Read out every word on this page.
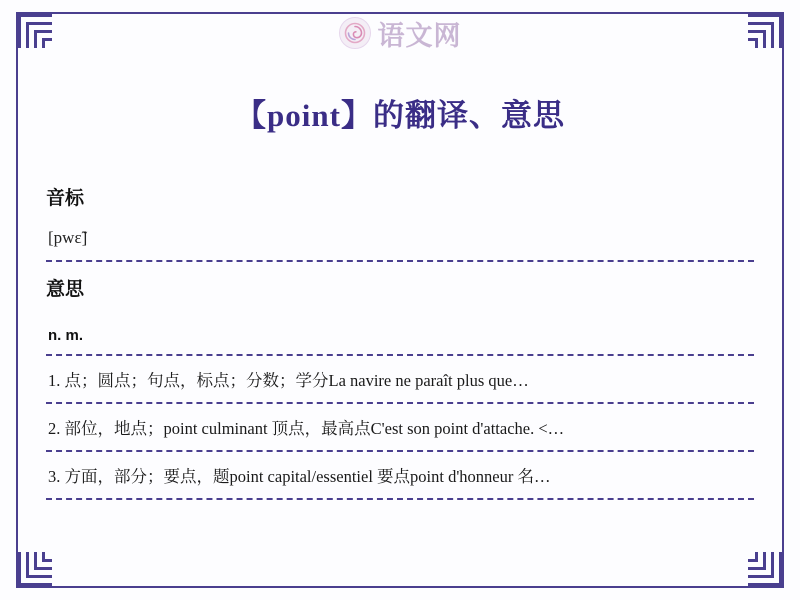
语文网
【point】的翻译、意思
音标
[pwɛ̃]
意思
n. m.
1. 点；圆点；句点，标点；分数；学分La navire ne paraît plus que…
2. 部位，地点；point culminant 顶点，最高点C'est son point d'attache. <…
3. 方面，部分；要点，题point capital/essentiel 要点point d'honneur 名…
